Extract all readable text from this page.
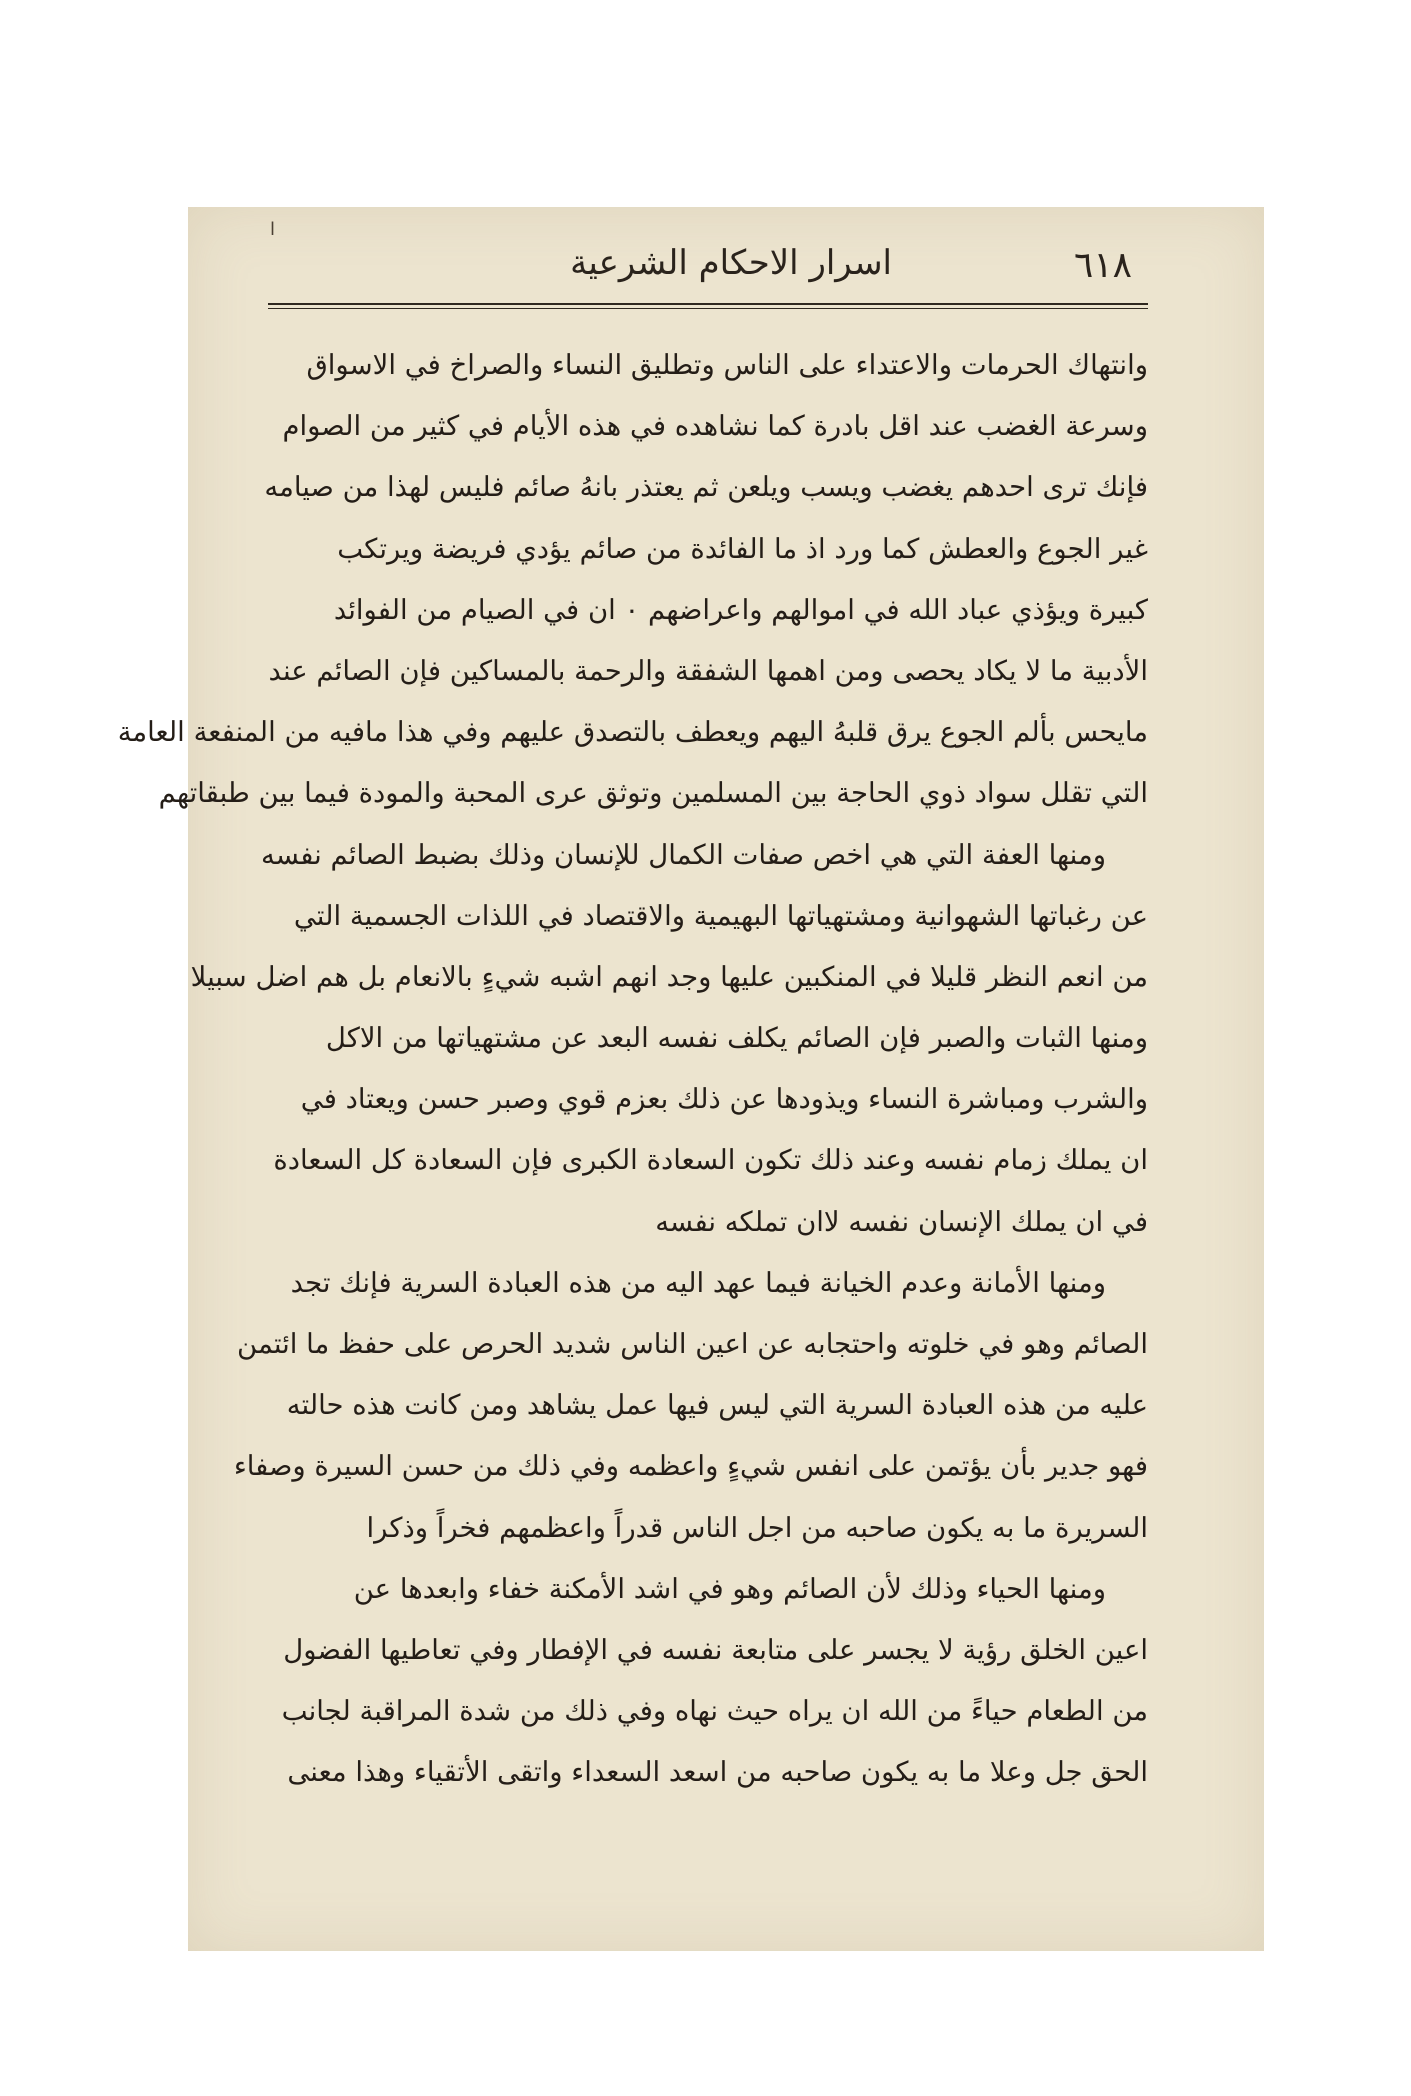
٦١٨
اسرار الاحكام الشرعية
ا
وانتهاك الحرمات والاعتداء على الناس وتطليق النساء والصراخ في الاسواق
وسرعة الغضب عند اقل بادرة كما نشاهده في هذه الأيام في كثير من الصوام
فإنك ترى احدهم يغضب ويسب ويلعن ثم يعتذر بانهُ صائم فليس لهذا من صيامه
غير الجوع والعطش كما ورد اذ ما الفائدة من صائم يؤدي فريضة ويرتكب
كبيرة ويؤذي عباد الله في اموالهم واعراضهم ٠ ان في الصيام من الفوائد
الأدبية ما لا يكاد يحصى ومن اهمها الشفقة والرحمة بالمساكين فإن الصائم عند
مايحس بألم الجوع يرق قلبهُ اليهم ويعطف بالتصدق عليهم وفي هذا مافيه من المنفعة العامة
التي تقلل سواد ذوي الحاجة بين المسلمين وتوثق عرى المحبة والمودة فيما بين طبقاتهم
ومنها العفة التي هي اخص صفات الكمال للإنسان وذلك بضبط الصائم نفسه
عن رغباتها الشهوانية ومشتهياتها البهيمية والاقتصاد في اللذات الجسمية التي
من انعم النظر قليلا في المنكبين عليها وجد انهم اشبه شيءٍ بالانعام بل هم اضل سبيلا
ومنها الثبات والصبر فإن الصائم يكلف نفسه البعد عن مشتهياتها من الاكل
والشرب ومباشرة النساء ويذودها عن ذلك بعزم قوي وصبر حسن ويعتاد في
ان يملك زمام نفسه وعند ذلك تكون السعادة الكبرى فإن السعادة كل السعادة
في ان يملك الإنسان نفسه لاان تملكه نفسه
ومنها الأمانة وعدم الخيانة فيما عهد اليه من هذه العبادة السرية فإنك تجد
الصائم وهو في خلوته واحتجابه عن اعين الناس شديد الحرص على حفظ ما ائتمن
عليه من هذه العبادة السرية التي ليس فيها عمل يشاهد ومن كانت هذه حالته
فهو جدير بأن يؤتمن على انفس شيءٍ واعظمه وفي ذلك من حسن السيرة وصفاء
السريرة ما به يكون صاحبه من اجل الناس قدراً واعظمهم فخراً وذكرا
ومنها الحياء وذلك لأن الصائم وهو في اشد الأمكنة خفاء وابعدها عن
اعين الخلق رؤية لا يجسر على متابعة نفسه في الإفطار وفي تعاطيها الفضول
من الطعام حياءً من الله ان يراه حيث نهاه وفي ذلك من شدة المراقبة لجانب
الحق جل وعلا ما به يكون صاحبه من اسعد السعداء واتقى الأتقياء وهذا معنى
